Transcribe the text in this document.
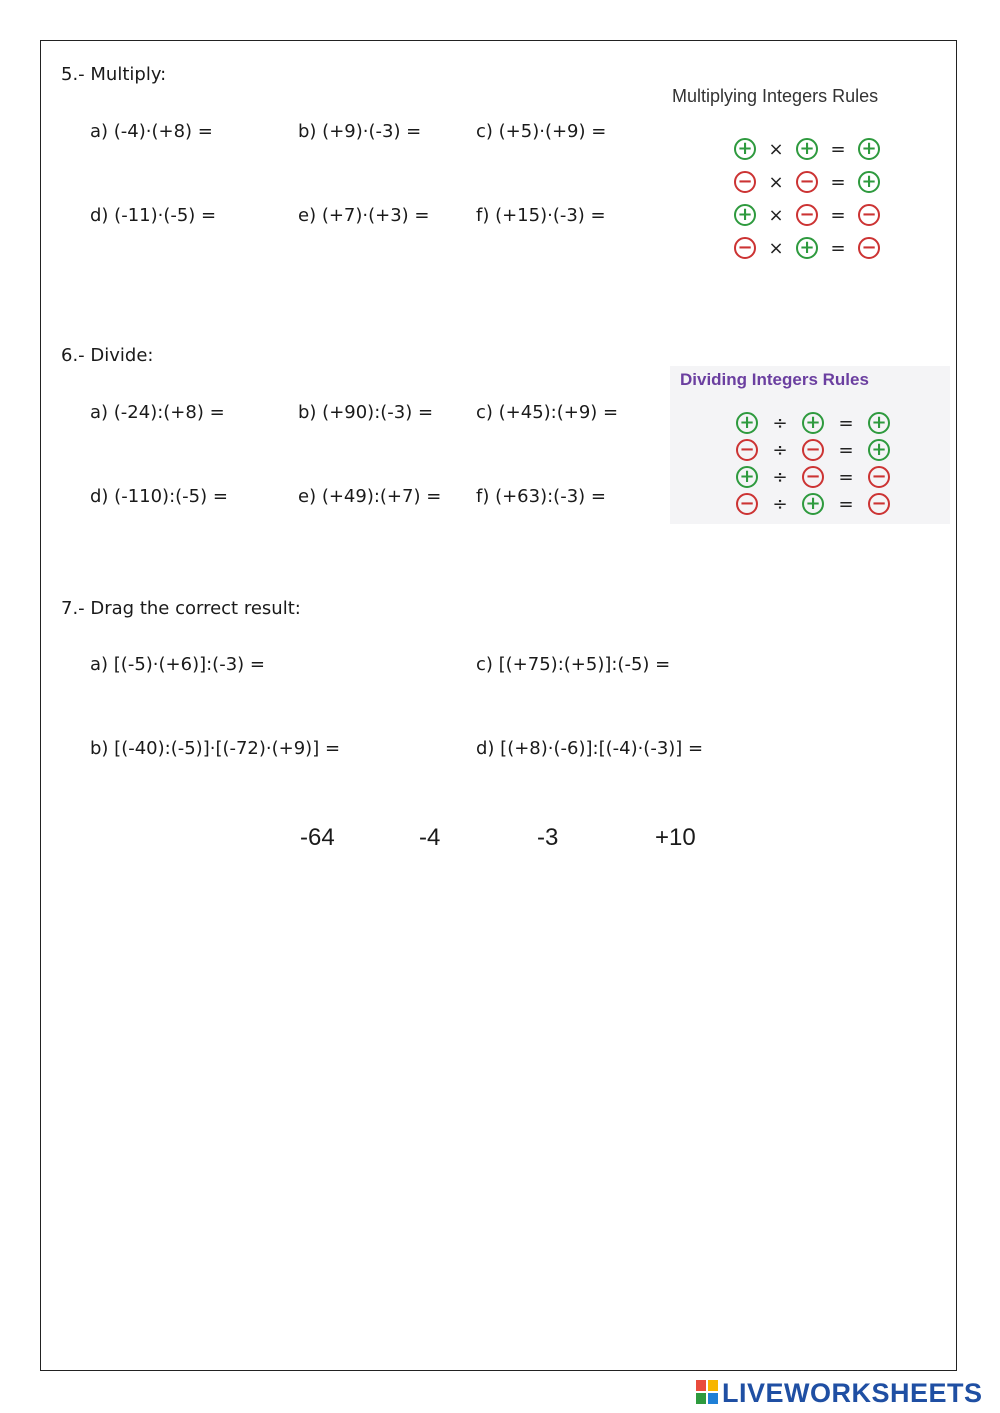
5.- Multiply:
a) (-4)·(+8) =	b) (+9)·(-3) =	c) (+5)·(+9) =
d) (-11)·(-5) =	e) (+7)·(+3) =	f) (+15)·(-3) =
Multiplying Integers Rules
+ × + = +
− × − = +
+ × − = −
− × + = −
6.- Divide:
a) (-24):(+8) =	b) (+90):(-3) = c) (+45):(+9) =
d) (-110):(-5) =	e) (+49):(+7) = f) (+63):(-3) =
Dividing Integers Rules
+ ÷ + = +
− ÷ − = +
+ ÷ − = −
− ÷ + = −
7.- Drag the correct result:
a) [(-5)·(+6)]:(-3) =	c) [(+75):(+5)]:(-5) =
b) [(-40):(-5)]·[(-72)·(+9)] =	d) [(+8)·(-6)]:[(-4)·(-3)] =
-64	-4	-3	+10
LIVEWORKSHEETS
